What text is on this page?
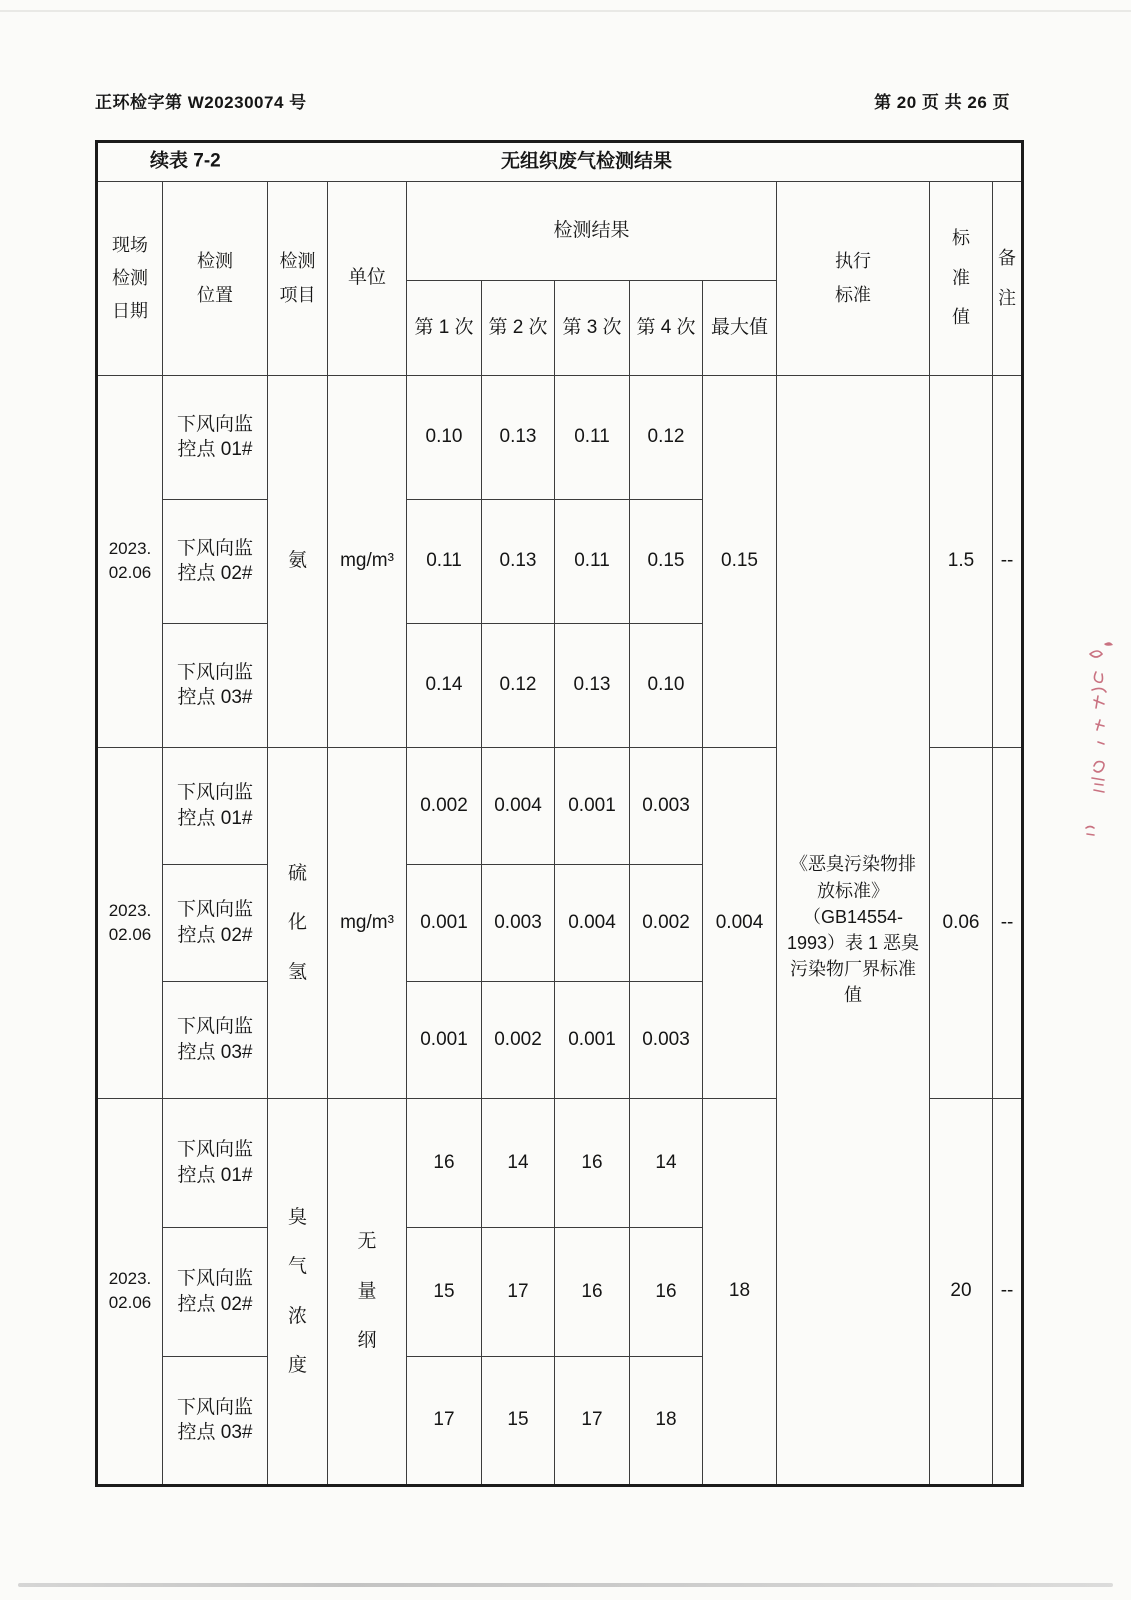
正环检字第 W20230074 号	第 20 页 共 26 页
续表 7-2 无组织废气检测结果											

现场检测日期	检测位置	检测项目	单位	检测结果					执行标准	标准值	备注
				第 1 次	第 2 次	第 3 次	第 4 次	最大值			
2023.02.06	下风向监控点 01#	氨	mg/m³	0.10	0.13	0.11	0.12	0.15	《恶臭污染物排放标准》（GB14554-1993）表 1 恶臭污染物厂界标准值	1.5	--
	下风向监控点 02#			0.11	0.13	0.11	0.15				
	下风向监控点 03#			0.14	0.12	0.13	0.10				
2023.02.06	下风向监控点 01#	硫化氢	mg/m³	0.002	0.004	0.001	0.003	0.004		0.06	--
	下风向监控点 02#			0.001	0.003	0.004	0.002				
	下风向监控点 03#			0.001	0.002	0.001	0.003				
2023.02.06	下风向监控点 01#	臭气浓度	无量纲	16	14	16	14	18		20	--
	下风向监控点 02#			15	17	16	16				
	下风向监控点 03#			17	15	17	18				
